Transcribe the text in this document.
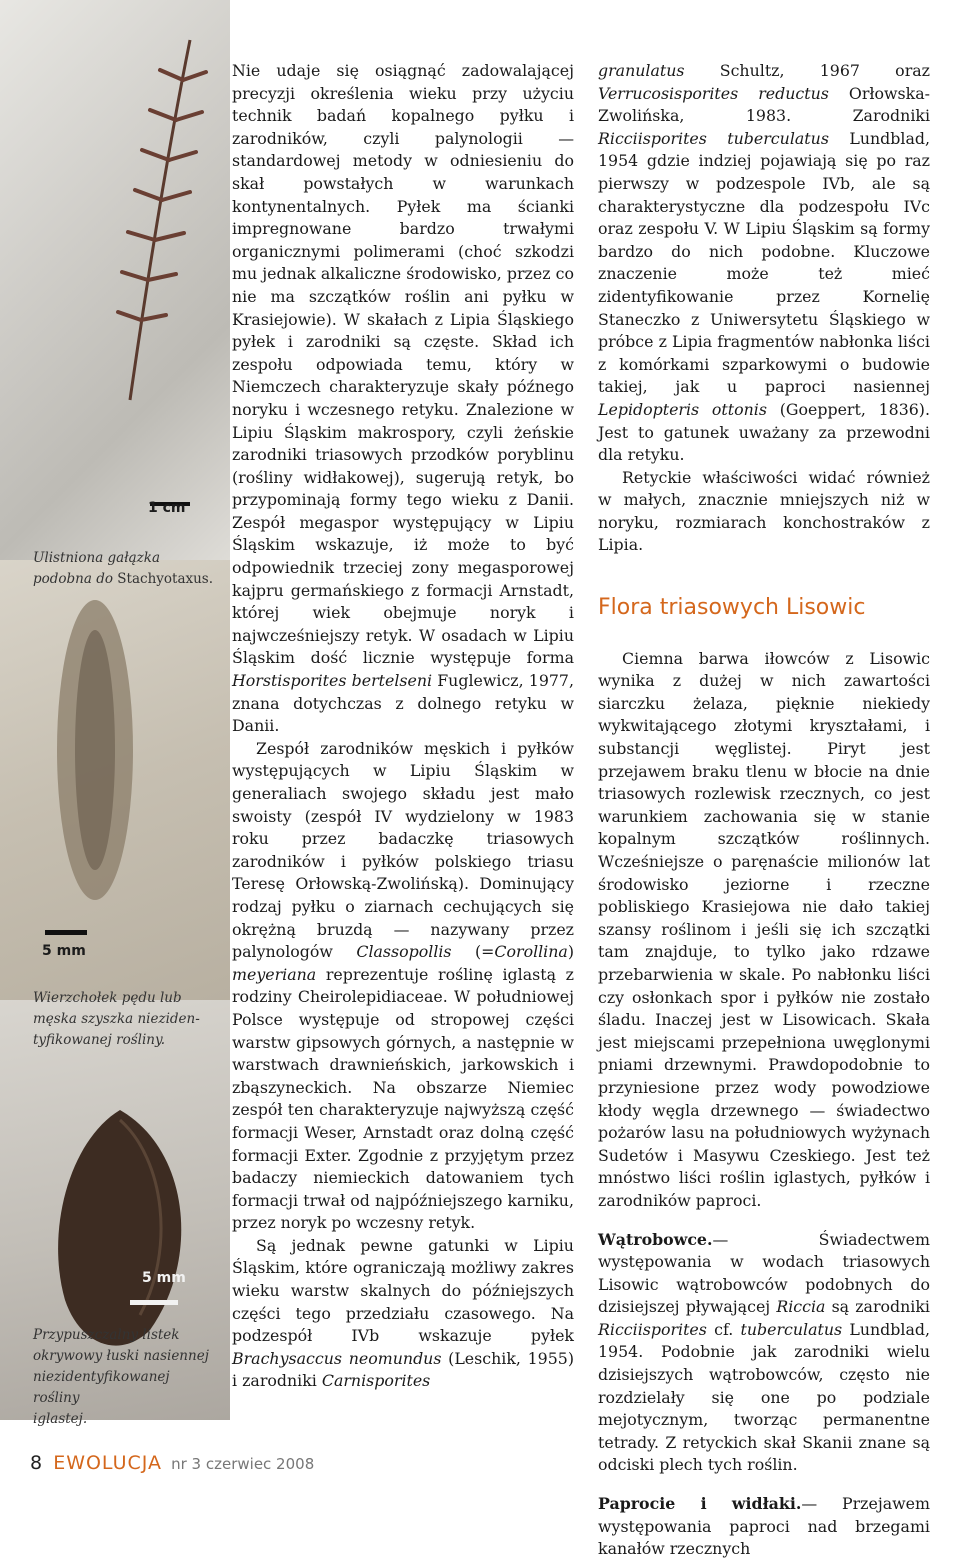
1 cm
5 mm
5 mm
Ulistniona gałązka
podobna do Stachyotaxus.
Wierzchołek pędu lub
męska szyszka nieziden-
tyfikowanej rośliny.
Przypuszczalny listek
okrywowy łuski nasiennej
niezidentyfikowanej rośliny
iglastej.

Nie udaje się osiągnąć zadowalającej precyzji określenia wieku przy użyciu technik badań kopalnego pyłku i zarodników, czyli palynologii — standardowej metody w odniesieniu do skał powstałych w warunkach kontynentalnych. Pyłek ma ścianki impregnowane bardzo trwałymi organicznymi polimerami (choć szkodzi mu jednak alkaliczne środowisko, przez co nie ma szczątków roślin ani pyłku w Krasiejowie). W skałach z Lipia Śląskiego pyłek i zarodniki są częste. Skład ich zespołu odpowiada temu, który w Niemczech charakteryzuje skały późnego noryku i wczesnego retyku. Znalezione w Lipiu Śląskim makrospory, czyli żeńskie zarodniki triasowych przodków poryblinu (rośliny widłakowej), sugerują retyk, bo przypominają formy tego wieku z Danii. Zespół megaspor występujący w Lipiu Śląskim wskazuje, iż może to być odpowiednik trzeciej zony megasporowej kajpru germańskiego z formacji Arnstadt, której wiek obejmuje noryk i najwcześniejszy retyk. W osadach w Lipiu Śląskim dość licznie występuje forma Horstisporites bertelseni Fuglewicz, 1977, znana dotychczas z dolnego retyku w Danii.

Zespół zarodników męskich i pyłków występujących w Lipiu Śląskim w generaliach swojego składu jest mało swoisty (zespół IV wydzielony w 1983 roku przez badaczkę triasowych zarodników i pyłków polskiego triasu Teresę Orłowską-Zwolińską). Dominujący rodzaj pyłku o ziarnach cechujących się okrężną bruzdą — nazywany przez palynologów Classopollis (=Corollina) meyeriana reprezentuje roślinę iglastą z rodziny Cheirolepidiaceae. W południowej Polsce występuje od stropowej części warstw gipsowych górnych, a następnie w warstwach drawnieńskich, jarkowskich i zbąszyneckich. Na obszarze Niemiec zespół ten charakteryzuje najwyższą część formacji Weser, Arnstadt oraz dolną część formacji Exter. Zgodnie z przyjętym przez badaczy niemieckich datowaniem tych formacji trwał od najpóźniejszego karniku, przez noryk po wczesny retyk.

Są jednak pewne gatunki w Lipiu Śląskim, które ograniczają możliwy zakres wieku warstw skalnych do późniejszych części tego przedziału czasowego. Na podzespół IVb wskazuje pyłek Brachysaccus neomundus (Leschik, 1955) i zarodniki Carnisporites

granulatus Schultz, 1967 oraz Verrucosisporites reductus Orłowska-Zwolińska, 1983. Zarodniki Ricciisporites tuberculatus Lundblad, 1954 gdzie indziej pojawiają się po raz pierwszy w podzespole IVb, ale są charakterystyczne dla podzespołu IVc oraz zespołu V. W Lipiu Śląskim są formy bardzo do nich podobne. Kluczowe znaczenie może też mieć zidentyfikowanie przez Kornelię Staneczko z Uniwersytetu Śląskiego w próbce z Lipia fragmentów nabłonka liści z komórkami szparkowymi o budowie takiej, jak u paproci nasiennej Lepidopteris ottonis (Goeppert, 1836). Jest to gatunek uważany za przewodni dla retyku.

Retyckie właściwości widać również w małych, znacznie mniejszych niż w noryku, rozmiarach konchostraków z Lipia.

Flora triasowych Lisowic

Ciemna barwa iłowców z Lisowic wynika z dużej w nich zawartości siarczku żelaza, pięknie niekiedy wykwitającego złotymi kryształami, i substancji węglistej. Piryt jest przejawem braku tlenu w błocie na dnie triasowych rozlewisk rzecznych, co jest warunkiem zachowania się w stanie kopalnym szczątków roślinnych. Wcześniejsze o paręnaście milionów lat środowisko jeziorne i rzeczne pobliskiego Krasiejowa nie dało takiej szansy roślinom i jeśli się ich szczątki tam znajduje, to tylko jako rdzawe przebarwienia w skale. Po nabłonku liści czy osłonkach spor i pyłków nie zostało śladu. Inaczej jest w Lisowicach. Skała jest miejscami przepełniona uwęglonymi pniami drzewnymi. Prawdopodobnie to przyniesione przez wody powodziowe kłody węgla drzewnego — świadectwo pożarów lasu na południowych wyżynach Sudetów i Masywu Czeskiego. Jest też mnóstwo liści roślin iglastych, pyłków i zarodników paproci.

Wątrobowce.— Świadectwem występowania w wodach triasowych Lisowic wątrobowców podobnych do dzisiejszej pływającej Riccia są zarodniki Ricciisporites cf. tuberculatus Lundblad, 1954. Podobnie jak zarodniki wielu dzisiejszych wątrobowców, często nie rozdzielały się one po podziale mejotycznym, tworząc permanentne tetrady. Z retyckich skał Skanii znane są odciski plech tych roślin.

Paprocie i widłaki.— Przejawem występowania paproci nad brzegami kanałów rzecznych

8 EWOLUCJA nr 3 czerwiec 2008
